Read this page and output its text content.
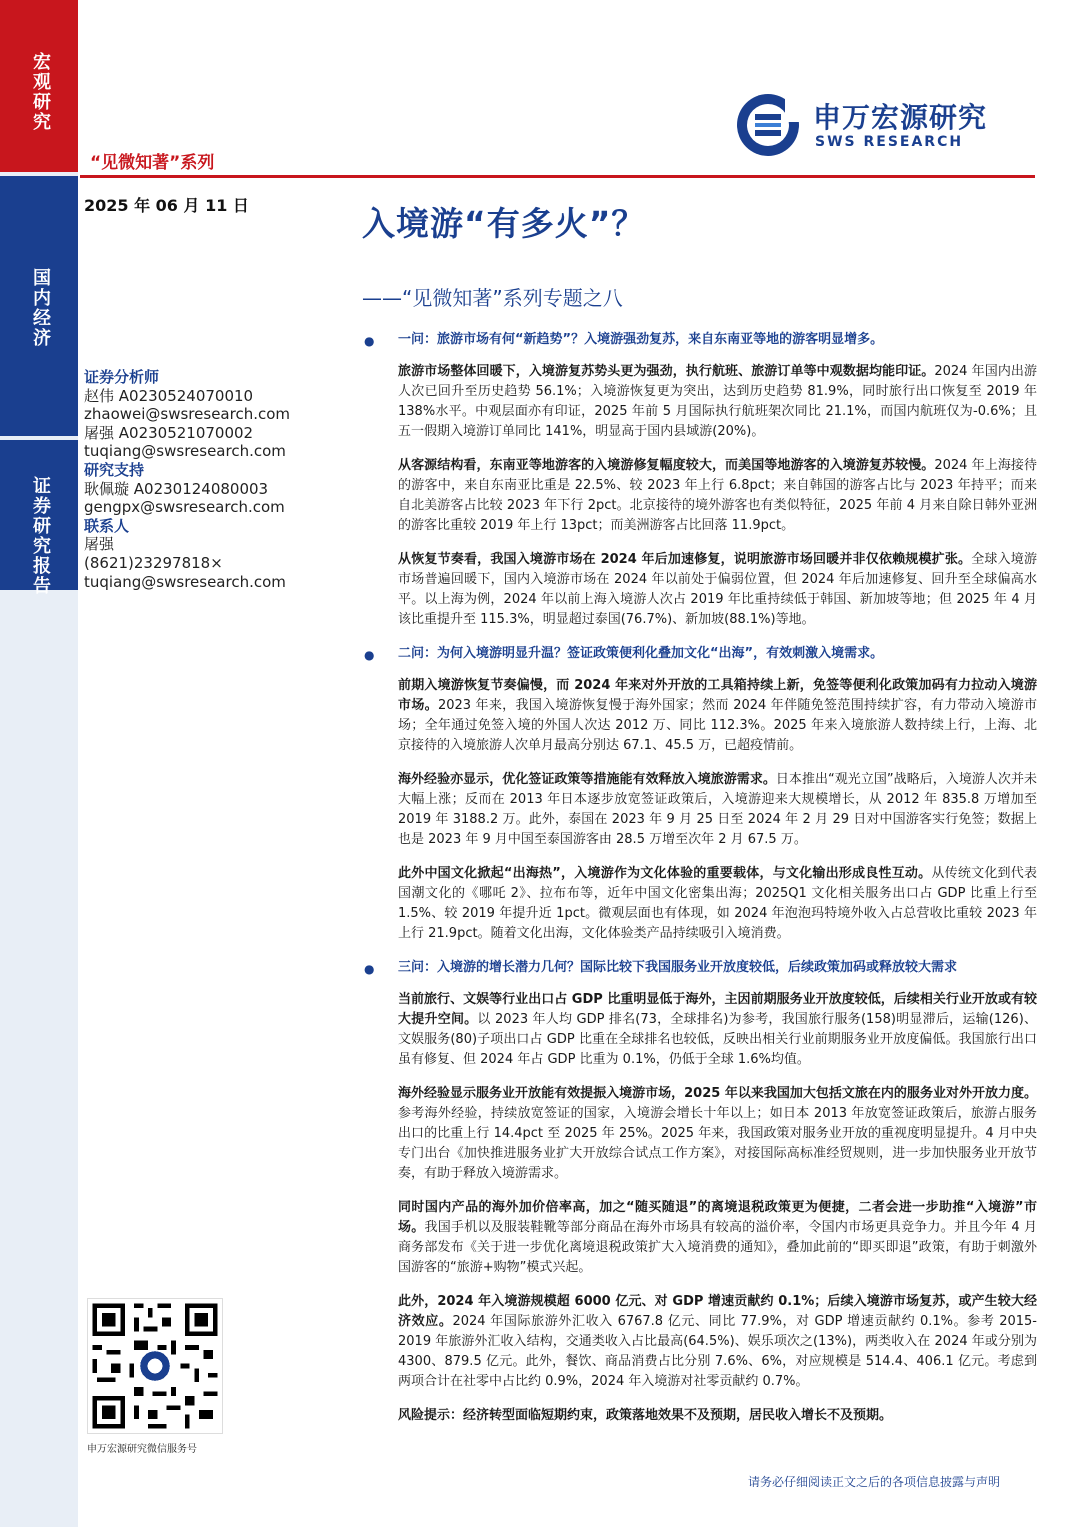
宏观研究
国内经济
证券研究报告
“见微知著”系列
申万宏源研究
SWS RESEARCH
2025 年 06 月 11 日	入境游“有多火”？
——“见微知著”系列专题之八
证券分析师
赵伟 A0230524070010
zhaowei@swsresearch.com
屠强 A0230521070002
tuqiang@swsresearch.com
研究支持
耿佩璇 A0230124080003
gengpx@swsresearch.com
联系人
屠强
(8621)23297818×
tuqiang@swsresearch.com
申万宏源研究微信服务号
● 一问：旅游市场有何“新趋势”？入境游强劲复苏，来自东南亚等地的游客明显增多。

旅游市场整体回暖下，入境游复苏势头更为强劲，执行航班、旅游订单等中观数据均能印证。2024 年国内出游人次已回升至历史趋势 56.1%；入境游恢复更为突出，达到历史趋势 81.9%，同时旅行出口恢复至 2019 年 138%水平。中观层面亦有印证，2025 年前 5 月国际执行航班架次同比 21.1%，而国内航班仅为-0.6%；且五一假期入境游订单同比 141%，明显高于国内县域游(20%)。

从客源结构看，东南亚等地游客的入境游修复幅度较大，而美国等地游客的入境游复苏较慢。2024 年上海接待的游客中，来自东南亚比重是 22.5%、较 2023 年上行 6.8pct；来自韩国的游客占比与 2023 年持平；而来自北美游客占比较 2023 年下行 2pct。北京接待的境外游客也有类似特征，2025 年前 4 月来自除日韩外亚洲的游客比重较 2019 年上行 13pct；而美洲游客占比回落 11.9pct。

从恢复节奏看，我国入境游市场在 2024 年后加速修复，说明旅游市场回暖并非仅依赖规模扩张。全球入境游市场普遍回暖下，国内入境游市场在 2024 年以前处于偏弱位置，但 2024 年后加速修复、回升至全球偏高水平。以上海为例，2024 年以前上海入境游人次占 2019 年比重持续低于韩国、新加坡等地；但 2025 年 4 月该比重提升至 115.3%，明显超过泰国(76.7%)、新加坡(88.1%)等地。

● 二问：为何入境游明显升温？签证政策便利化叠加文化“出海”，有效刺激入境需求。

前期入境游恢复节奏偏慢，而 2024 年来对外开放的工具箱持续上新，免签等便利化政策加码有力拉动入境游市场。2023 年来，我国入境游恢复慢于海外国家；然而 2024 年伴随免签范围持续扩容，有力带动入境游市场；全年通过免签入境的外国人次达 2012 万、同比 112.3%。2025 年来入境旅游人数持续上行，上海、北京接待的入境旅游人次单月最高分别达 67.1、45.5 万，已超疫情前。

海外经验亦显示，优化签证政策等措施能有效释放入境旅游需求。日本推出“观光立国”战略后，入境游人次并未大幅上涨；反而在 2013 年日本逐步放宽签证政策后，入境游迎来大规模增长，从 2012 年 835.8 万增加至 2019 年 3188.2 万。此外，泰国在 2023 年 9 月 25 日至 2024 年 2 月 29 日对中国游客实行免签；数据上也是 2023 年 9 月中国至泰国游客由 28.5 万增至次年 2 月 67.5 万。

此外中国文化掀起“出海热”，入境游作为文化体验的重要载体，与文化输出形成良性互动。从传统文化到代表国潮文化的《哪吒 2》、拉布布等，近年中国文化密集出海；2025Q1 文化相关服务出口占 GDP 比重上行至 1.5%、较 2019 年提升近 1pct。微观层面也有体现，如 2024 年泡泡玛特境外收入占总营收比重较 2023 年上行 21.9pct。随着文化出海，文化体验类产品持续吸引入境消费。

● 三问：入境游的增长潜力几何？国际比较下我国服务业开放度较低，后续政策加码或释放较大需求

当前旅行、文娱等行业出口占 GDP 比重明显低于海外，主因前期服务业开放度较低，后续相关行业开放或有较大提升空间。以 2023 年人均 GDP 排名(73，全球排名)为参考，我国旅行服务(158)明显滞后，运输(126)、文娱服务(80)子项出口占 GDP 比重在全球排名也较低，反映出相关行业前期服务业开放度偏低。我国旅行出口虽有修复、但 2024 年占 GDP 比重为 0.1%，仍低于全球 1.6%均值。

海外经验显示服务业开放能有效提振入境游市场，2025 年以来我国加大包括文旅在内的服务业对外开放力度。参考海外经验，持续放宽签证的国家，入境游会增长十年以上；如日本 2013 年放宽签证政策后，旅游占服务出口的比重上行 14.4pct 至 2025 年 25%。2025 年来，我国政策对服务业开放的重视度明显提升。4 月中央专门出台《加快推进服务业扩大开放综合试点工作方案》，对接国际高标准经贸规则，进一步加快服务业开放节奏，有助于释放入境游需求。

同时国内产品的海外加价倍率高，加之“随买随退”的离境退税政策更为便捷，二者会进一步助推“入境游”市场。我国手机以及服装鞋靴等部分商品在海外市场具有较高的溢价率，令国内市场更具竞争力。并且今年 4 月商务部发布《关于进一步优化离境退税政策扩大入境消费的通知》，叠加此前的“即买即退”政策，有助于刺激外国游客的“旅游+购物”模式兴起。

此外，2024 年入境游规模超 6000 亿元、对 GDP 增速贡献约 0.1%；后续入境游市场复苏，或产生较大经济效应。2024 年国际旅游外汇收入 6767.8 亿元、同比 77.9%，对 GDP 增速贡献约 0.1%。参考 2015-2019 年旅游外汇收入结构，交通类收入占比最高(64.5%)、娱乐项次之(13%)，两类收入在 2024 年或分别为 4300、879.5 亿元。此外，餐饮、商品消费占比分别 7.6%、6%，对应规模是 514.4、406.1 亿元。考虑到两项合计在社零中占比约 0.9%，2024 年入境游对社零贡献约 0.7%。

风险提示：经济转型面临短期约束，政策落地效果不及预期，居民收入增长不及预期。

请务必仔细阅读正文之后的各项信息披露与声明
